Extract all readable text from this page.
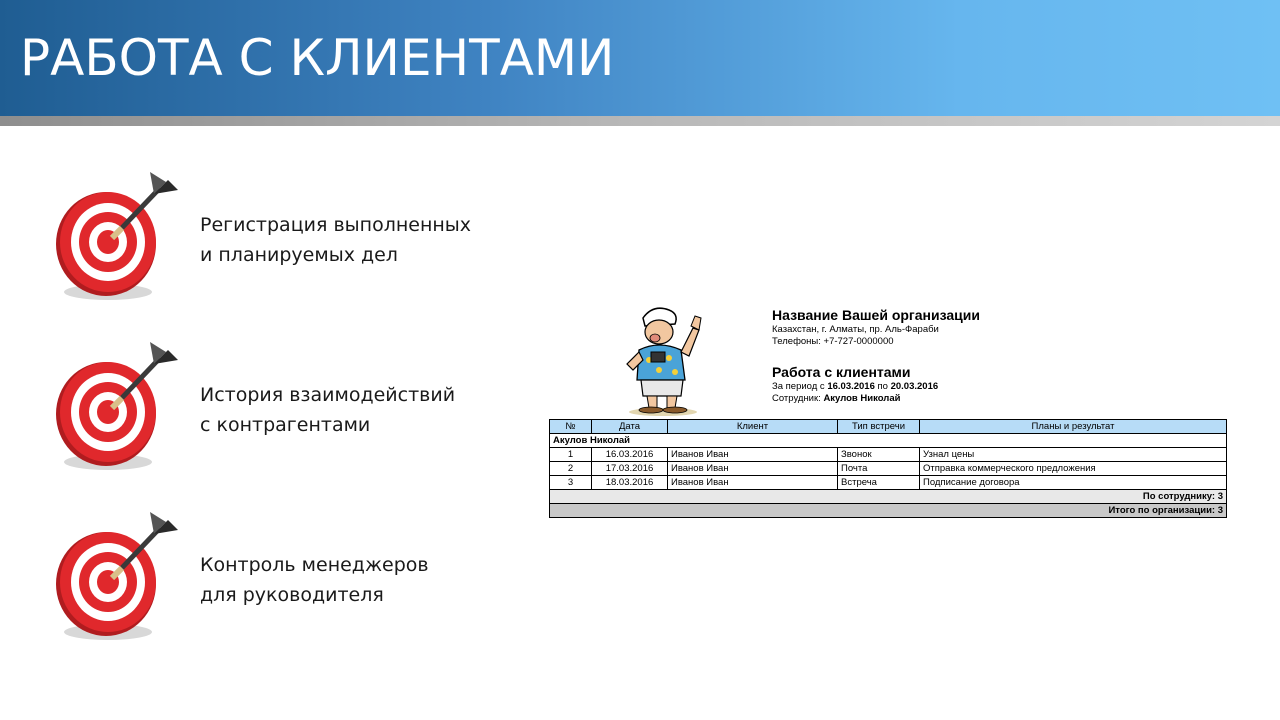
РАБОТА С КЛИЕНТАМИ
Регистрация выполненных
и планируемых дел
История взаимодействий
с контрагентами
Контроль менеджеров
для руководителя
Название Вашей организации
Казахстан, г. Алматы, пр. Аль-Фараби
Телефоны: +7-727-0000000
Работа с клиентами
За период с 16.03.2016 по 20.03.2016
Сотрудник: Акулов Николай
№	Дата	Клиент	Тип встречи	Планы и результат
Акулов Николай				
1	16.03.2016	Иванов Иван	Звонок	Узнал цены
2	17.03.2016	Иванов Иван	Почта	Отправка коммерческого предложения
3	18.03.2016	Иванов Иван	Встреча	Подписание договора
По сотруднику: 3				
Итого по организации: 3				
